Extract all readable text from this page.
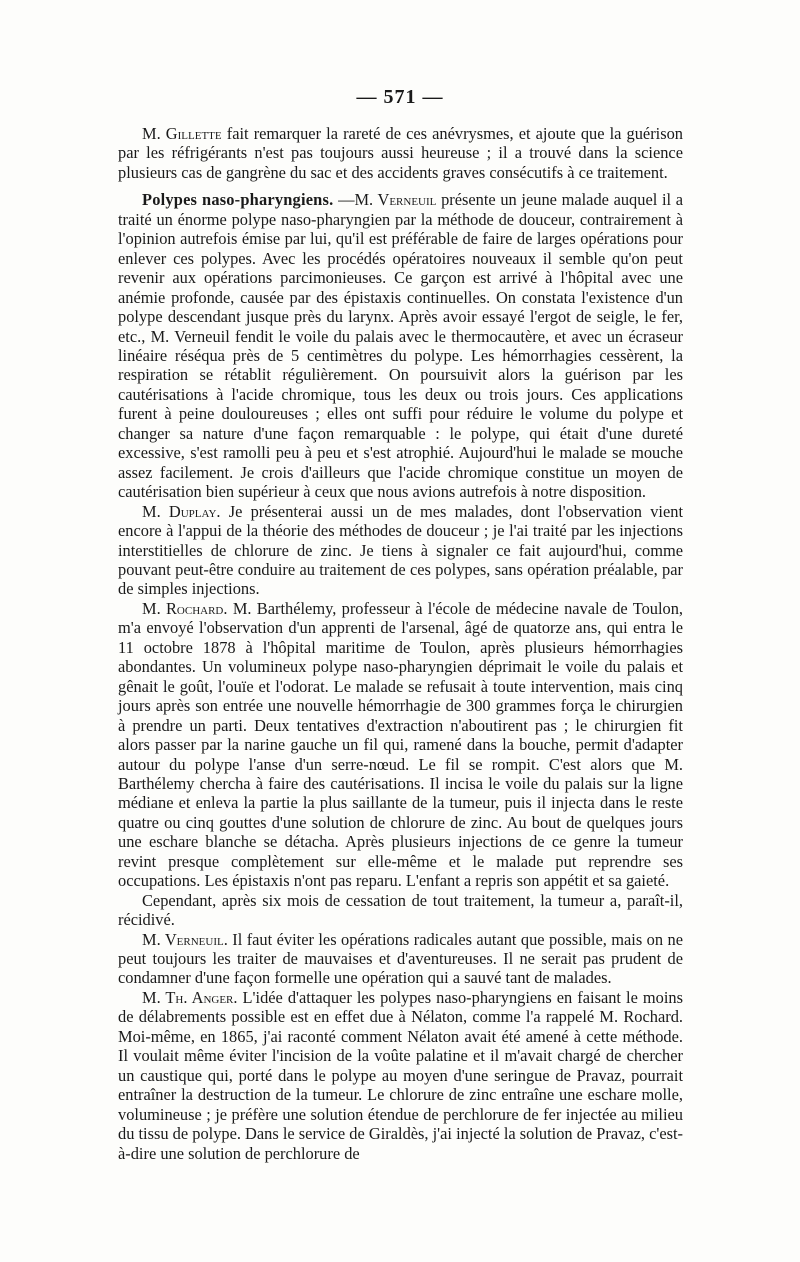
— 571 —

M. Gillette fait remarquer la rareté de ces anévrysmes, et ajoute que la guérison par les réfrigérants n'est pas toujours aussi heureuse ; il a trouvé dans la science plusieurs cas de gangrène du sac et des accidents graves consécutifs à ce traitement.

Polypes naso-pharyngiens. —M. Verneuil présente un jeune malade auquel il a traité un énorme polype naso-pharyngien par la méthode de douceur, contrairement à l'opinion autrefois émise par lui, qu'il est préférable de faire de larges opérations pour enlever ces polypes. Avec les procédés opératoires nouveaux il semble qu'on peut revenir aux opérations parcimonieuses. Ce garçon est arrivé à l'hôpital avec une anémie profonde, causée par des épistaxis continuelles. On constata l'existence d'un polype descendant jusque près du larynx. Après avoir essayé l'ergot de seigle, le fer, etc., M. Verneuil fendit le voile du palais avec le thermocautère, et avec un écraseur linéaire réséqua près de 5 centimètres du polype. Les hémorrhagies cessèrent, la respiration se rétablit régulièrement. On poursuivit alors la guérison par les cautérisations à l'acide chromique, tous les deux ou trois jours. Ces applications furent à peine douloureuses ; elles ont suffi pour réduire le volume du polype et changer sa nature d'une façon remarquable : le polype, qui était d'une dureté excessive, s'est ramolli peu à peu et s'est atrophié. Aujourd'hui le malade se mouche assez facilement. Je crois d'ailleurs que l'acide chromique constitue un moyen de cautérisation bien supérieur à ceux que nous avions autrefois à notre disposition.

M. Duplay. Je présenterai aussi un de mes malades, dont l'observation vient encore à l'appui de la théorie des méthodes de douceur ; je l'ai traité par les injections interstitielles de chlorure de zinc. Je tiens à signaler ce fait aujourd'hui, comme pouvant peut-être conduire au traitement de ces polypes, sans opération préalable, par de simples injections.

M. Rochard. M. Barthélemy, professeur à l'école de médecine navale de Toulon, m'a envoyé l'observation d'un apprenti de l'arsenal, âgé de quatorze ans, qui entra le 11 octobre 1878 à l'hôpital maritime de Toulon, après plusieurs hémorrhagies abondantes. Un volumineux polype naso-pharyngien déprimait le voile du palais et gênait le goût, l'ouïe et l'odorat. Le malade se refusait à toute intervention, mais cinq jours après son entrée une nouvelle hémorrhagie de 300 grammes força le chirurgien à prendre un parti. Deux tentatives d'extraction n'aboutirent pas ; le chirurgien fit alors passer par la narine gauche un fil qui, ramené dans la bouche, permit d'adapter autour du polype l'anse d'un serre-nœud. Le fil se rompit. C'est alors que M. Barthélemy chercha à faire des cautérisations. Il incisa le voile du palais sur la ligne médiane et enleva la partie la plus saillante de la tumeur, puis il injecta dans le reste quatre ou cinq gouttes d'une solution de chlorure de zinc. Au bout de quelques jours une eschare blanche se détacha. Après plusieurs injections de ce genre la tumeur revint presque complètement sur elle-même et le malade put reprendre ses occupations. Les épistaxis n'ont pas reparu. L'enfant a repris son appétit et sa gaieté.

Cependant, après six mois de cessation de tout traitement, la tumeur a, paraît-il, récidivé.

M. Verneuil. Il faut éviter les opérations radicales autant que possible, mais on ne peut toujours les traiter de mauvaises et d'aventureuses. Il ne serait pas prudent de condamner d'une façon formelle une opération qui a sauvé tant de malades.

M. Th. Anger. L'idée d'attaquer les polypes naso-pharyngiens en faisant le moins de délabrements possible est en effet due à Nélaton, comme l'a rappelé M. Rochard. Moi-même, en 1865, j'ai raconté comment Nélaton avait été amené à cette méthode. Il voulait même éviter l'incision de la voûte palatine et il m'avait chargé de chercher un caustique qui, porté dans le polype au moyen d'une seringue de Pravaz, pourrait entraîner la destruction de la tumeur. Le chlorure de zinc entraîne une eschare molle, volumineuse ; je préfère une solution étendue de perchlorure de fer injectée au milieu du tissu de polype. Dans le service de Giraldès, j'ai injecté la solution de Pravaz, c'est-à-dire une solution de perchlorure de
